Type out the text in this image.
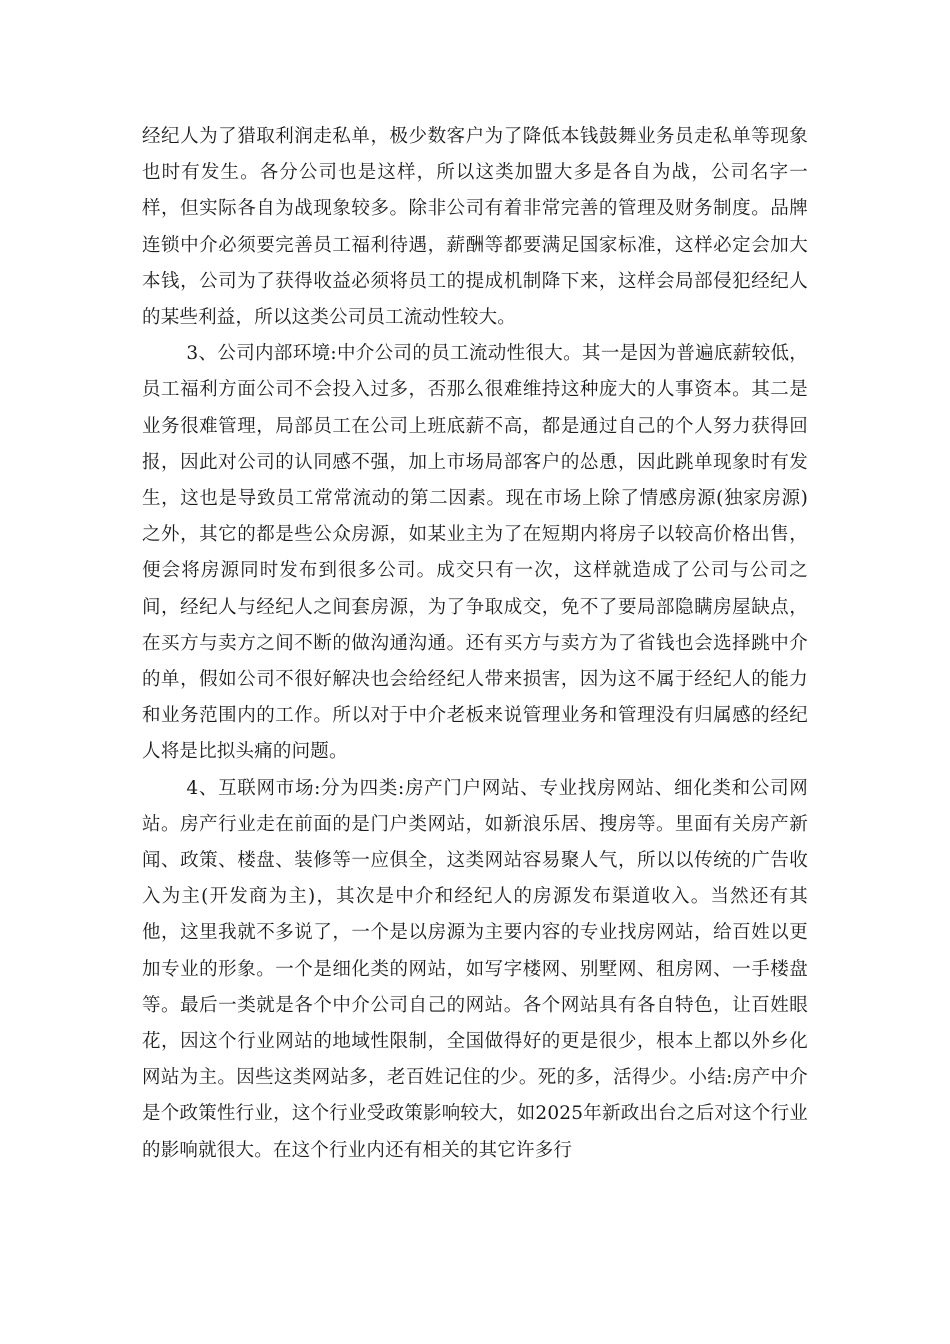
经纪人为了猎取利润走私单，极少数客户为了降低本钱鼓舞业务员走私单等现象也时有发生。各分公司也是这样，所以这类加盟大多是各自为战，公司名字一样，但实际各自为战现象较多。除非公司有着非常完善的管理及财务制度。品牌连锁中介必须要完善员工福利待遇，薪酬等都要满足国家标准，这样必定会加大本钱，公司为了获得收益必须将员工的提成机制降下来，这样会局部侵犯经纪人的某些利益，所以这类公司员工流动性较大。

3、公司内部环境:中介公司的员工流动性很大。其一是因为普遍底薪较低，员工福利方面公司不会投入过多，否那么很难维持这种庞大的人事资本。其二是业务很难管理，局部员工在公司上班底薪不高，都是通过自己的个人努力获得回报，因此对公司的认同感不强，加上市场局部客户的怂恿，因此跳单现象时有发生，这也是导致员工常常流动的第二因素。现在市场上除了情感房源(独家房源)之外，其它的都是些公众房源，如某业主为了在短期内将房子以较高价格出售，便会将房源同时发布到很多公司。成交只有一次，这样就造成了公司与公司之间，经纪人与经纪人之间套房源，为了争取成交，免不了要局部隐瞒房屋缺点，在买方与卖方之间不断的做沟通沟通。还有买方与卖方为了省钱也会选择跳中介的单，假如公司不很好解决也会给经纪人带来损害，因为这不属于经纪人的能力和业务范围内的工作。所以对于中介老板来说管理业务和管理没有归属感的经纪人将是比拟头痛的问题。

4、互联网市场:分为四类:房产门户网站、专业找房网站、细化类和公司网站。房产行业走在前面的是门户类网站，如新浪乐居、搜房等。里面有关房产新闻、政策、楼盘、装修等一应俱全，这类网站容易聚人气，所以以传统的广告收入为主(开发商为主)，其次是中介和经纪人的房源发布渠道收入。当然还有其他，这里我就不多说了，一个是以房源为主要内容的专业找房网站，给百姓以更加专业的形象。一个是细化类的网站，如写字楼网、别墅网、租房网、一手楼盘等。最后一类就是各个中介公司自己的网站。各个网站具有各自特色，让百姓眼花，因这个行业网站的地域性限制，全国做得好的更是很少，根本上都以外乡化网站为主。因些这类网站多，老百姓记住的少。死的多，活得少。小结:房产中介是个政策性行业，这个行业受政策影响较大，如2025年新政出台之后对这个行业的影响就很大。在这个行业内还有相关的其它许多行
